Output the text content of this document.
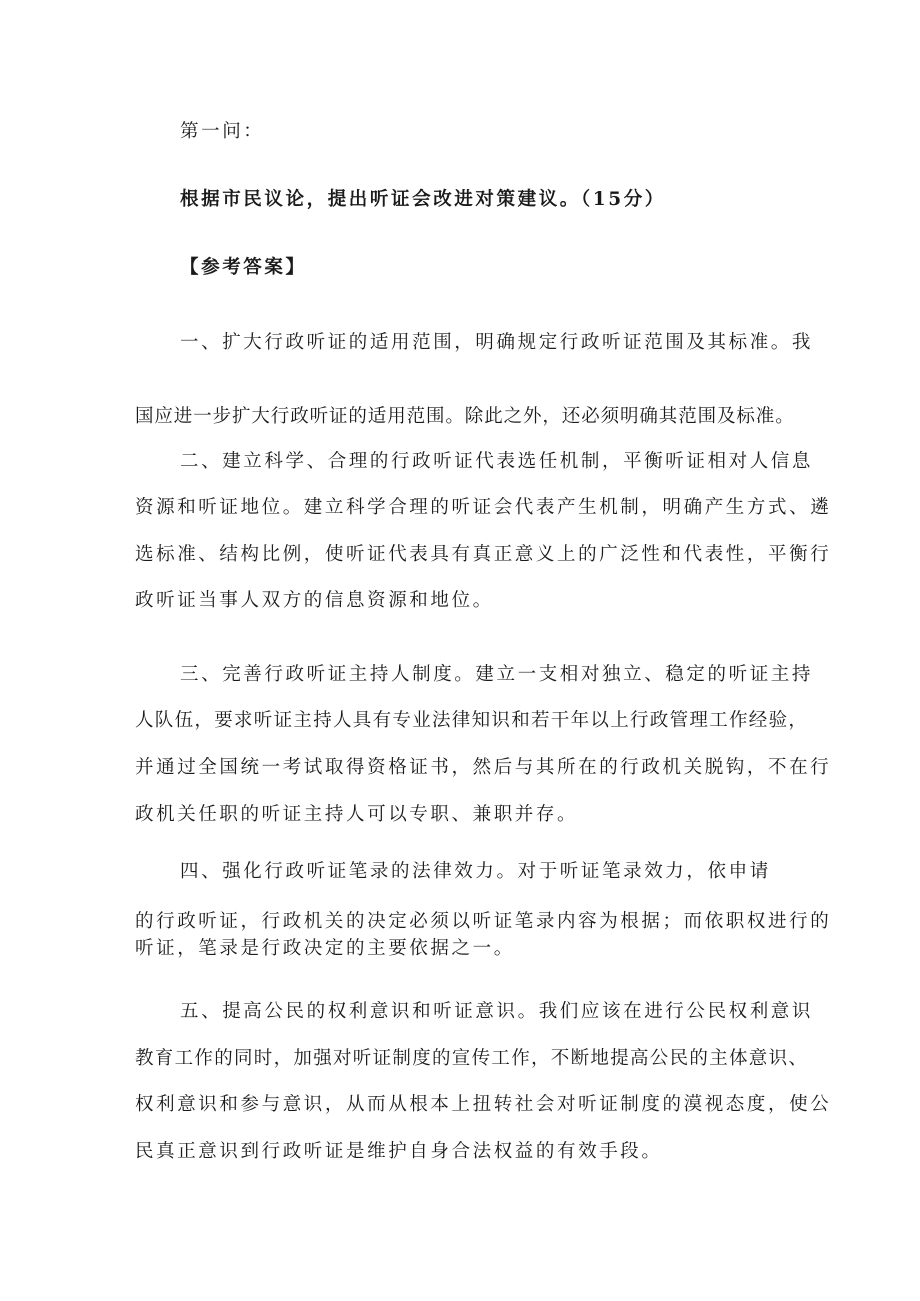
第一问：
根据市民议论，提出听证会改进对策建议。（15分）
【参考答案】
一、扩大行政听证的适用范围，明确规定行政听证范围及其标准。我
国应进一步扩大行政听证的适用范围。除此之外，还必须明确其范围及标准。
二、建立科学、合理的行政听证代表选任机制，平衡听证相对人信息
资源和听证地位。建立科学合理的听证会代表产生机制，明确产生方式、遴
选标准、结构比例，使听证代表具有真正意义上的广泛性和代表性，平衡行
政听证当事人双方的信息资源和地位。
三、完善行政听证主持人制度。建立一支相对独立、稳定的听证主持
人队伍，要求听证主持人具有专业法律知识和若干年以上行政管理工作经验，
并通过全国统一考试取得资格证书，然后与其所在的行政机关脱钩，不在行
政机关任职的听证主持人可以专职、兼职并存。
四、强化行政听证笔录的法律效力。对于听证笔录效力，依申请
的行政听证，行政机关的决定必须以听证笔录内容为根据；而依职权进行的
听证，笔录是行政决定的主要依据之一。
五、提高公民的权利意识和听证意识。我们应该在进行公民权利意识
教育工作的同时，加强对听证制度的宣传工作，不断地提高公民的主体意识、
权利意识和参与意识，从而从根本上扭转社会对听证制度的漠视态度，使公
民真正意识到行政听证是维护自身合法权益的有效手段。
